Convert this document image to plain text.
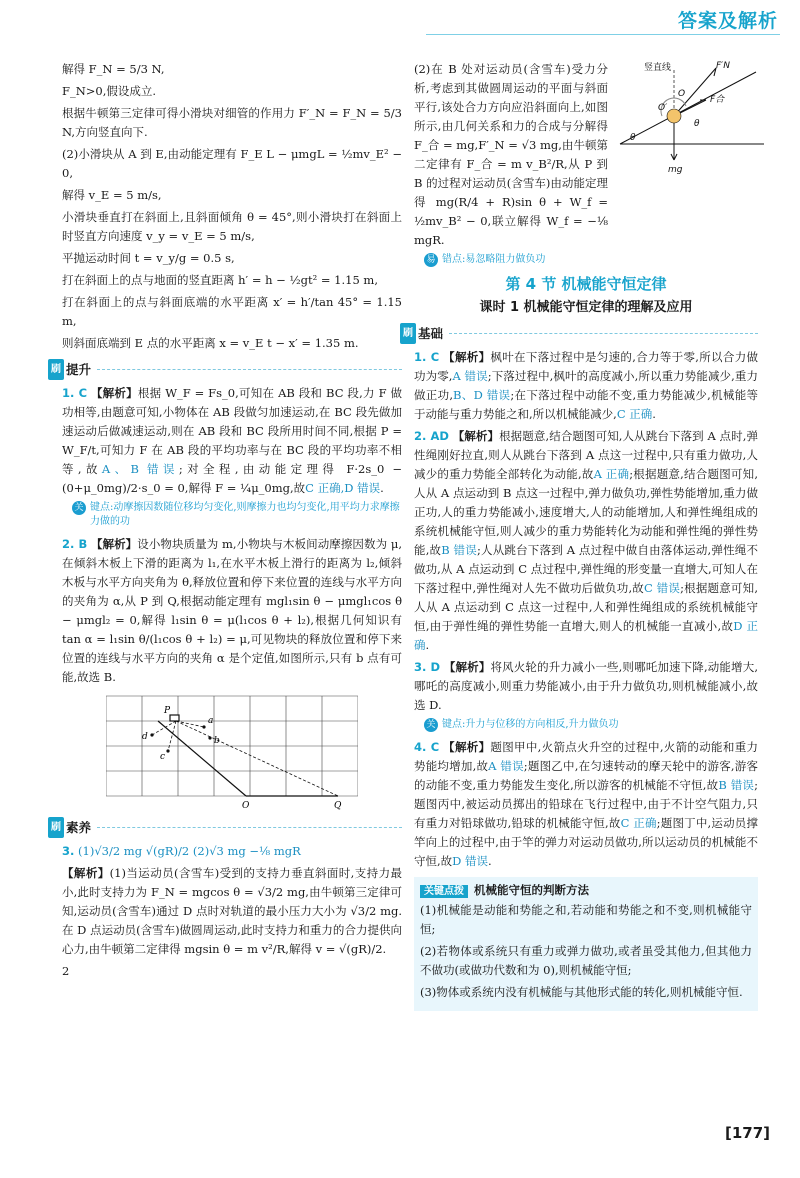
答案及解析

解得 F_N = 5/3 N,

F_N>0,假设成立.

根据牛顿第三定律可得小滑块对细管的作用力 F′_N = F_N = 5/3 N,方向竖直向下.

(2)小滑块从 A 到 E,由动能定理有 F_E L − μmgL = ½mv_E² − 0,

解得 v_E = 5 m/s,

小滑块垂直打在斜面上,且斜面倾角 θ = 45°,则小滑块打在斜面上时竖直方向速度 v_y = v_E = 5 m/s,

平抛运动时间 t = v_y/g = 0.5 s,

打在斜面上的点与地面的竖直距离 h′ = h − ½gt² = 1.15 m,

打在斜面上的点与斜面底端的水平距离 x′ = h′/tan 45° = 1.15 m,

则斜面底端到 E 点的水平距离 x = v_E t − x′ = 1.35 m.

刷 提升

1. C 【解析】根据 W_F = Fs_0,可知在 AB 段和 BC 段,力 F 做功相等,由题意可知,小物体在 AB 段做匀加速运动,在 BC 段先做加速运动后做减速运动,则在 AB 段和 BC 段所用时间不同,根据 P = W_F/t,可知力 F 在 AB 段的平均功率与在 BC 段的平均功率不相等,故A、B 错误;对全程,由动能定理得 F·2s_0 − (0+μ_0mg)/2·s_0 = 0,解得 F = ¼μ_0mg,故C 正确,D 错误.

关 键点:动摩擦因数随位移均匀变化,则摩擦力也均匀变化,用平均力求摩擦力做的功

2. B 【解析】设小物块质量为 m,小物块与木板间动摩擦因数为 μ,在倾斜木板上下滑的距离为 l₁,在水平木板上滑行的距离为 l₂,倾斜木板与水平方向夹角为 θ,释放位置和停下来位置的连线与水平方向的夹角为 α,从 P 到 Q,根据动能定理有 mgl₁sin θ − μmgl₁cos θ − μmgl₂ = 0,解得 l₁sin θ = μ(l₁cos θ + l₂),根据几何知识有 tan α = l₁sin θ/(l₁cos θ + l₂) = μ,可见物块的释放位置和停下来位置的连线与水平方向的夹角 α 是个定值,如图所示,只有 b 点有可能,故选 B.

P
a
b
c
d
O	Q
刷 素养

3. (1)√3/2 mg √(gR)/2 (2)√3 mg −⅛ mgR

【解析】(1)当运动员(含雪车)受到的支持力垂直斜面时,支持力最小,此时支持力为 F_N = mgcos θ = √3/2 mg,由牛顿第三定律可知,运动员(含雪车)通过 D 点时对轨道的最小压力大小为 √3/2 mg. 在 D 点运动员(含雪车)做圆周运动,此时支持力和重力的合力提供向心力,由牛顿第二定律得 mgsin θ = m v²/R,解得 v = √(gR)/2.

2

竖直线	F′N
O
O′
F合
θ
θ
mg

(2)在 B 处对运动员(含雪车)受力分析,考虑到其做圆周运动的平面与斜面平行,该处合力方向应沿斜面向上,如图所示,由几何关系和力的合成与分解得 F_合 = mg,F′_N = √3 mg,由牛顿第二定律有 F_合 = m v_B²/R,从 P 到 B 的过程对运动员(含雪车)由动能定理得 mg(R/4 + R)sin θ + W_f = ½mv_B² − 0,联立解得 W_f = −⅛ mgR.

易 错点:易忽略阻力做负功
第 4 节 机械能守恒定律
课时 1 机械能守恒定律的理解及应用
刷 基础

1. C 【解析】枫叶在下落过程中是匀速的,合力等于零,所以合力做功为零,A 错误;下落过程中,枫叶的高度减小,所以重力势能减少,重力做正功,B、D 错误;在下落过程中动能不变,重力势能减少,机械能等于动能与重力势能之和,所以机械能减少,C 正确.

2. AD 【解析】根据题意,结合题图可知,人从跳台下落到 A 点时,弹性绳刚好拉直,则人从跳台下落到 A 点这一过程中,只有重力做功,人减少的重力势能全部转化为动能,故A 正确;根据题意,结合题图可知,人从 A 点运动到 B 点这一过程中,弹力做负功,弹性势能增加,重力做正功,人的重力势能减小,速度增大,人的动能增加,人和弹性绳组成的系统机械能守恒,则人减少的重力势能转化为动能和弹性绳的弹性势能,故B 错误;人从跳台下落到 A 点过程中做自由落体运动,弹性绳不做功,从 A 点运动到 C 点过程中,弹性绳的形变量一直增大,可知人在下落过程中,弹性绳对人先不做功后做负功,故C 错误;根据题意可知,人从 A 点运动到 C 点这一过程中,人和弹性绳组成的系统机械能守恒,由于弹性绳的弹性势能一直增大,则人的机械能一直减小,故D 正确.

3. D 【解析】将风火轮的升力减小一些,则哪吒加速下降,动能增大,哪吒的高度减小,则重力势能减小,由于升力做负功,则机械能减小,故选 D.

关 键点:升力与位移的方向相反,升力做负功

4. C 【解析】题图甲中,火箭点火升空的过程中,火箭的动能和重力势能均增加,故A 错误;题图乙中,在匀速转动的摩天轮中的游客,游客的动能不变,重力势能发生变化,所以游客的机械能不守恒,故B 错误;题图丙中,被运动员掷出的铅球在飞行过程中,由于不计空气阻力,只有重力对铅球做功,铅球的机械能守恒,故C 正确;题图丁中,运动员撑竿向上的过程中,由于竿的弹力对运动员做功,所以运动员的机械能不守恒,故D 错误.

关键点拨 机械能守恒的判断方法

(1)机械能是动能和势能之和,若动能和势能之和不变,则机械能守恒;

(2)若物体或系统只有重力或弹力做功,或者虽受其他力,但其他力不做功(或做功代数和为 0),则机械能守恒;

(3)物体或系统内没有机械能与其他形式能的转化,则机械能守恒.

[177]
